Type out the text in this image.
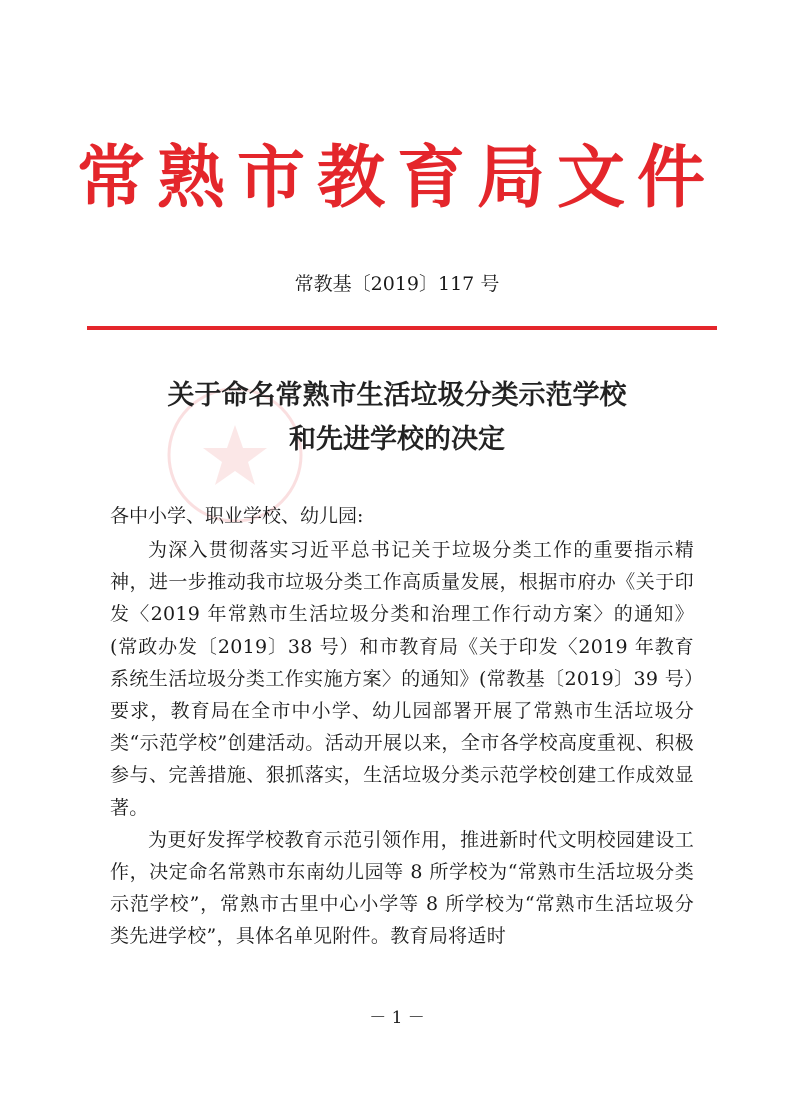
常熟市教育局文件
常教基〔2019〕117 号
关于命名常熟市生活垃圾分类示范学校
和先进学校的决定
各中小学、职业学校、幼儿园:

为深入贯彻落实习近平总书记关于垃圾分类工作的重要指示精神，进一步推动我市垃圾分类工作高质量发展，根据市府办《关于印发〈2019 年常熟市生活垃圾分类和治理工作行动方案〉的通知》(常政办发〔2019〕38 号）和市教育局《关于印发〈2019 年教育系统生活垃圾分类工作实施方案〉的通知》(常教基〔2019〕39 号）要求，教育局在全市中小学、幼儿园部署开展了常熟市生活垃圾分类“示范学校”创建活动。活动开展以来，全市各学校高度重视、积极参与、完善措施、狠抓落实，生活垃圾分类示范学校创建工作成效显著。

为更好发挥学校教育示范引领作用，推进新时代文明校园建设工作，决定命名常熟市东南幼儿园等 8 所学校为“常熟市生活垃圾分类示范学校”，常熟市古里中心小学等 8 所学校为“常熟市生活垃圾分类先进学校”，具体名单见附件。教育局将适时

－ 1 －
